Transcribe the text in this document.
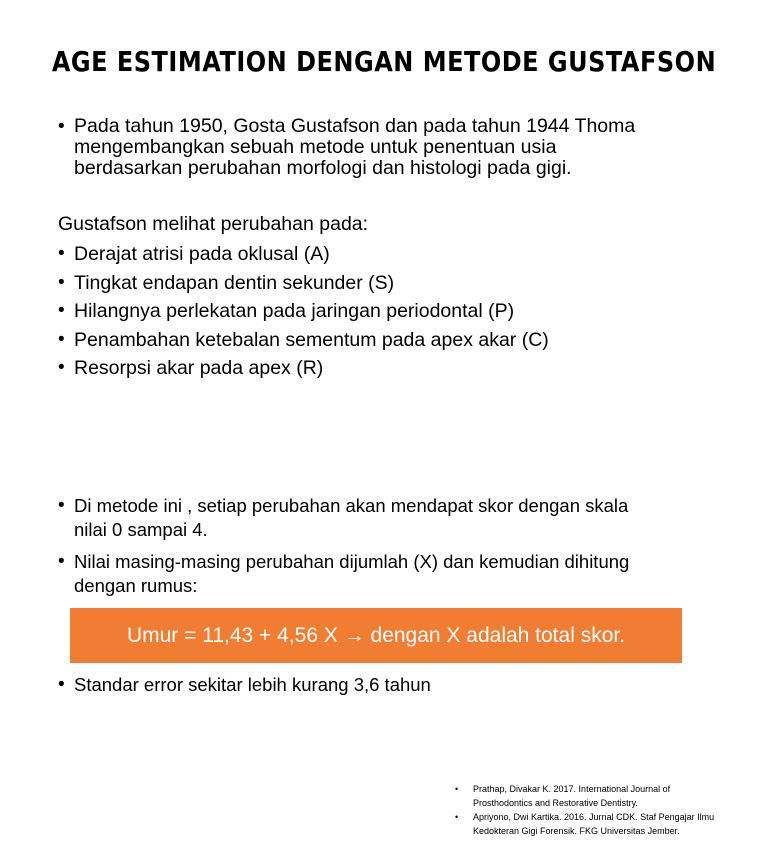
AGE ESTIMATION DENGAN METODE GUSTAFSON
• Pada tahun 1950, Gosta Gustafson dan pada tahun 1944 Thoma
mengembangkan sebuah metode untuk penentuan usia
berdasarkan perubahan morfologi dan histologi pada gigi.
Gustafson melihat perubahan pada:
• Derajat atrisi pada oklusal (A)
• Tingkat endapan dentin sekunder (S)
• Hilangnya perlekatan pada jaringan periodontal (P)
• Penambahan ketebalan sementum pada apex akar (C)
• Resorpsi akar pada apex (R)
• Di metode ini , setiap perubahan akan mendapat skor dengan skala
nilai 0 sampai 4.
• Nilai masing-masing perubahan dijumlah (X) dan kemudian dihitung
dengan rumus:
Umur = 11,43 + 4,56 X → dengan X adalah total skor.
• Standar error sekitar lebih kurang 3,6 tahun
•	Prathap, Divakar K. 2017. International Journal of
Prosthodontics and Restorative Dentistry.
•	Apriyono, Dwi Kartika. 2016. Jurnal CDK. Staf Pengajar Ilmu
Kedokteran Gigi Forensik. FKG Universitas Jember.
